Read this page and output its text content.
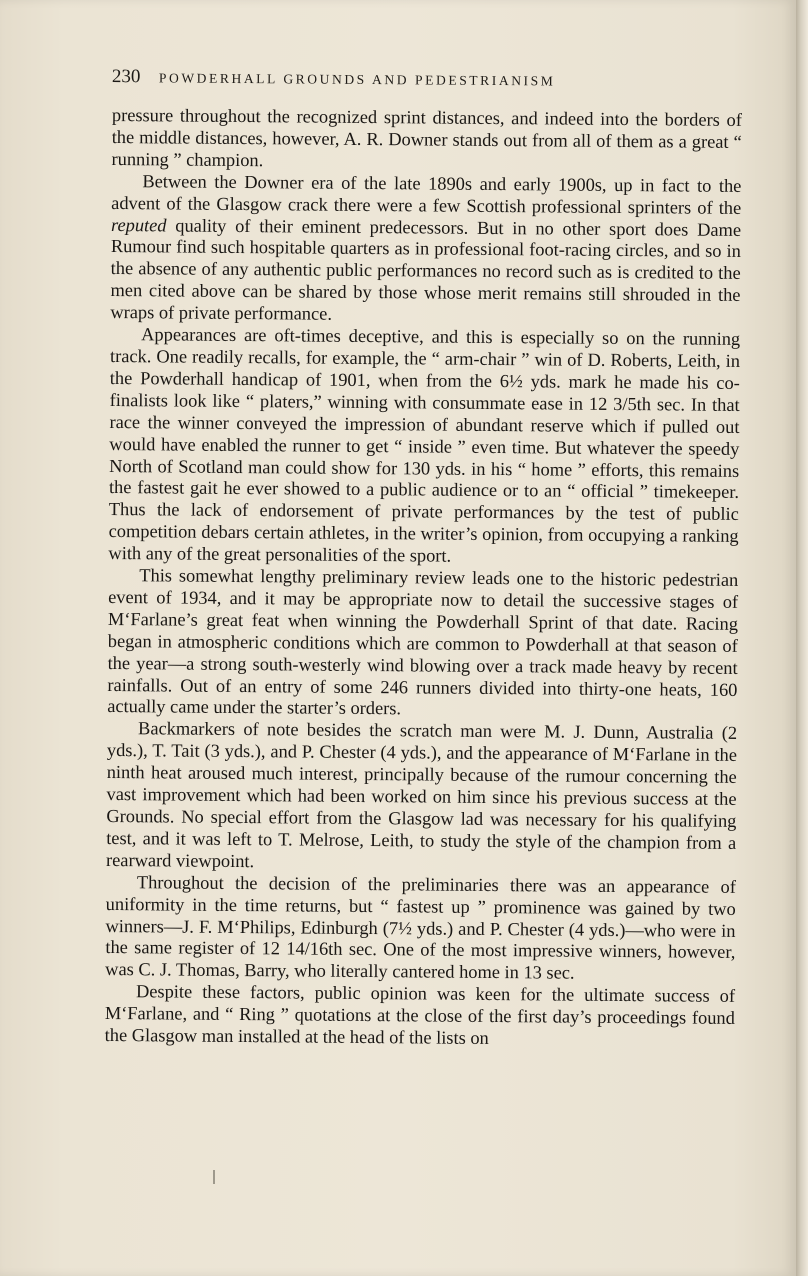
230 POWDERHALL GROUNDS AND PEDESTRIANISM

pressure throughout the recognized sprint distances, and indeed into the borders of the middle distances, however, A. R. Downer stands out from all of them as a great “ running ” champion.

Between the Downer era of the late 1890s and early 1900s, up in fact to the advent of the Glasgow crack there were a few Scottish professional sprinters of the reputed quality of their eminent predecessors. But in no other sport does Dame Rumour find such hospitable quarters as in professional foot-racing circles, and so in the absence of any authentic public performances no record such as is credited to the men cited above can be shared by those whose merit remains still shrouded in the wraps of private performance.

Appearances are oft-times deceptive, and this is especially so on the running track. One readily recalls, for example, the “ arm-chair ” win of D. Roberts, Leith, in the Powderhall handicap of 1901, when from the 6½ yds. mark he made his co-finalists look like “ platers,” winning with consummate ease in 12 3/5th sec. In that race the winner conveyed the impression of abundant reserve which if pulled out would have enabled the runner to get “ inside ” even time. But whatever the speedy North of Scotland man could show for 130 yds. in his “ home ” efforts, this remains the fastest gait he ever showed to a public audience or to an “ official ” timekeeper. Thus the lack of endorsement of private performances by the test of public competition debars certain athletes, in the writer’s opinion, from occupying a ranking with any of the great personalities of the sport.

This somewhat lengthy preliminary review leads one to the historic pedestrian event of 1934, and it may be appropriate now to detail the successive stages of M‘Farlane’s great feat when winning the Powderhall Sprint of that date. Racing began in atmospheric conditions which are common to Powderhall at that season of the year—a strong south-westerly wind blowing over a track made heavy by recent rainfalls. Out of an entry of some 246 runners divided into thirty-one heats, 160 actually came under the starter’s orders.

Backmarkers of note besides the scratch man were M. J. Dunn, Australia (2 yds.), T. Tait (3 yds.), and P. Chester (4 yds.), and the appearance of M‘Farlane in the ninth heat aroused much interest, principally because of the rumour concerning the vast improvement which had been worked on him since his previous success at the Grounds. No special effort from the Glasgow lad was necessary for his qualifying test, and it was left to T. Melrose, Leith, to study the style of the champion from a rearward viewpoint.

Throughout the decision of the preliminaries there was an appearance of uniformity in the time returns, but “ fastest up ” prominence was gained by two winners—J. F. M‘Philips, Edinburgh (7½ yds.) and P. Chester (4 yds.)—who were in the same register of 12 14/16th sec. One of the most impressive winners, however, was C. J. Thomas, Barry, who literally cantered home in 13 sec.

Despite these factors, public opinion was keen for the ultimate success of M‘Farlane, and “ Ring ” quotations at the close of the first day’s proceedings found the Glasgow man installed at the head of the lists on
